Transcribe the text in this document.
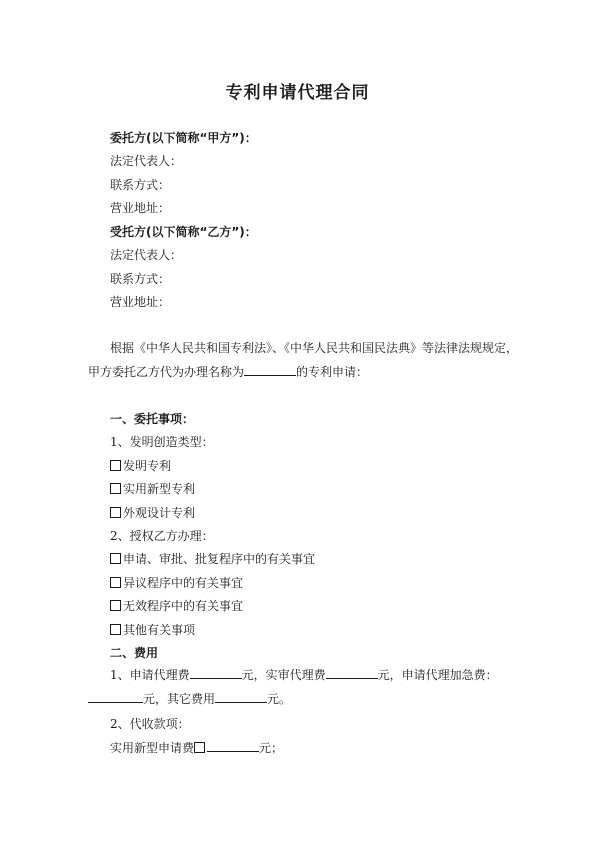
专利申请代理合同
委托方(以下简称“甲方”)：
法定代表人：
联系方式：
营业地址：
受托方(以下简称“乙方”)：
法定代表人：
联系方式：
营业地址：
根据《中华人民共和国专利法》、《中华人民共和国民法典》等法律法规规定，甲方委托乙方代为办理名称为	的专利申请：
一、委托事项：
1、发明创造类型：
发明专利
实用新型专利
外观设计专利
2、授权乙方办理：
申请、审批、批复程序中的有关事宜
异议程序中的有关事宜
无效程序中的有关事宜
其他有关事项
二、费用
1、申请代理费	元，实审代理费	元，申请代理加急费：
元，其它费用	元。
2、代收款项：
实用新型申请费	元；
